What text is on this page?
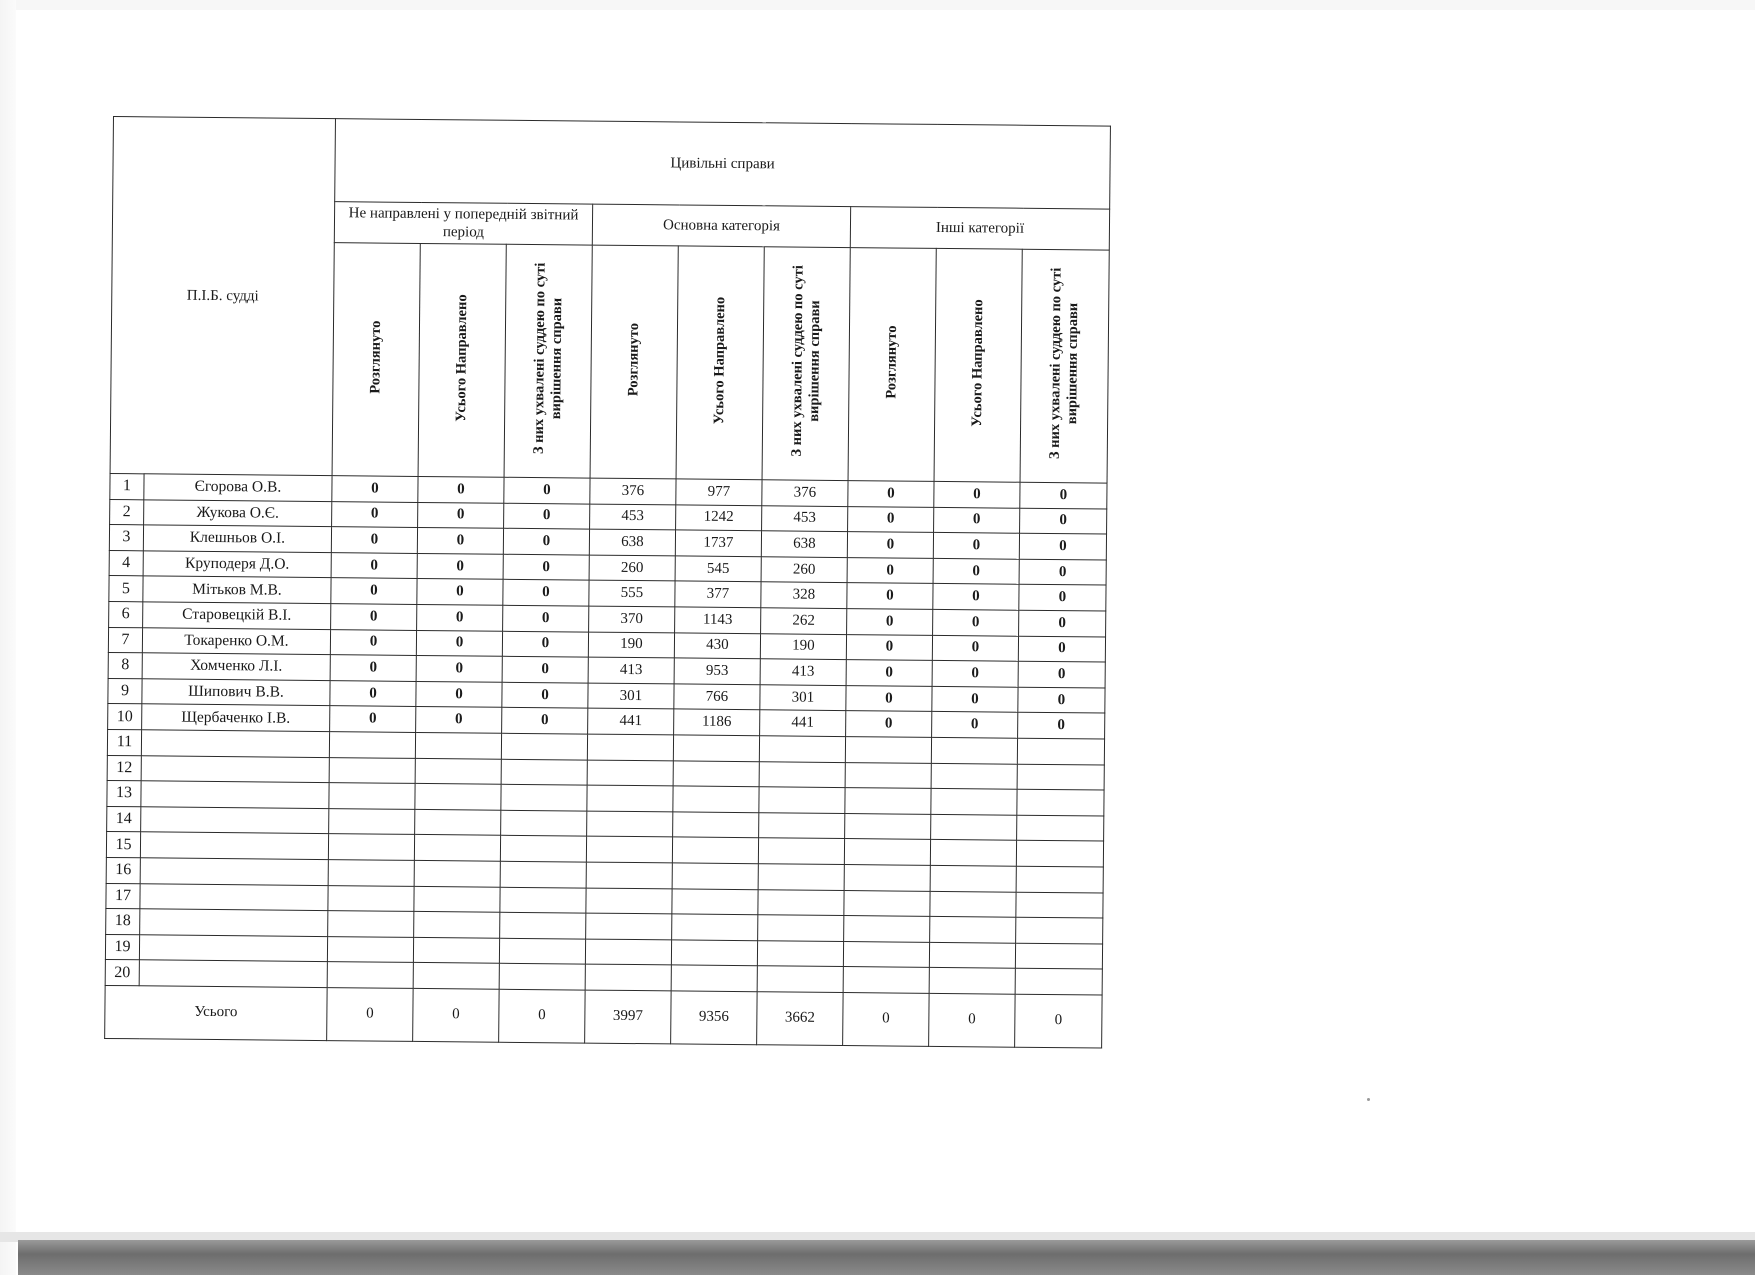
П.І.Б. судді		Цивільні справи								
		Не направлені у попередній звітний період			Основна категорія			Інші категорії		
		Розглянуто	Усього Направлено	З них ухвалені суддею по суті вирішення справи	Розглянуто	Усього Направлено	З них ухвалені суддею по суті вирішення справи	Розглянуто	Усього Направлено	З них ухвалені суддею по суті вирішення справи
1	Єгорова О.В.	0	0	0	376	977	376	0	0	0
2	Жукова О.Є.	0	0	0	453	1242	453	0	0	0
3	Клешньов О.І.	0	0	0	638	1737	638	0	0	0
4	Круподеря Д.О.	0	0	0	260	545	260	0	0	0
5	Мітьков М.В.	0	0	0	555	377	328	0	0	0
6	Старовецкій В.І.	0	0	0	370	1143	262	0	0	0
7	Токаренко О.М.	0	0	0	190	430	190	0	0	0
8	Хомченко Л.І.	0	0	0	413	953	413	0	0	0
9	Шипович В.В.	0	0	0	301	766	301	0	0	0
10	Щербаченко І.В.	0	0	0	441	1186	441	0	0	0
11										
12										
13										
14										
15										
16										
17										
18										
19										
20										
Усього		0	0	0	3997	9356	3662	0	0	0
